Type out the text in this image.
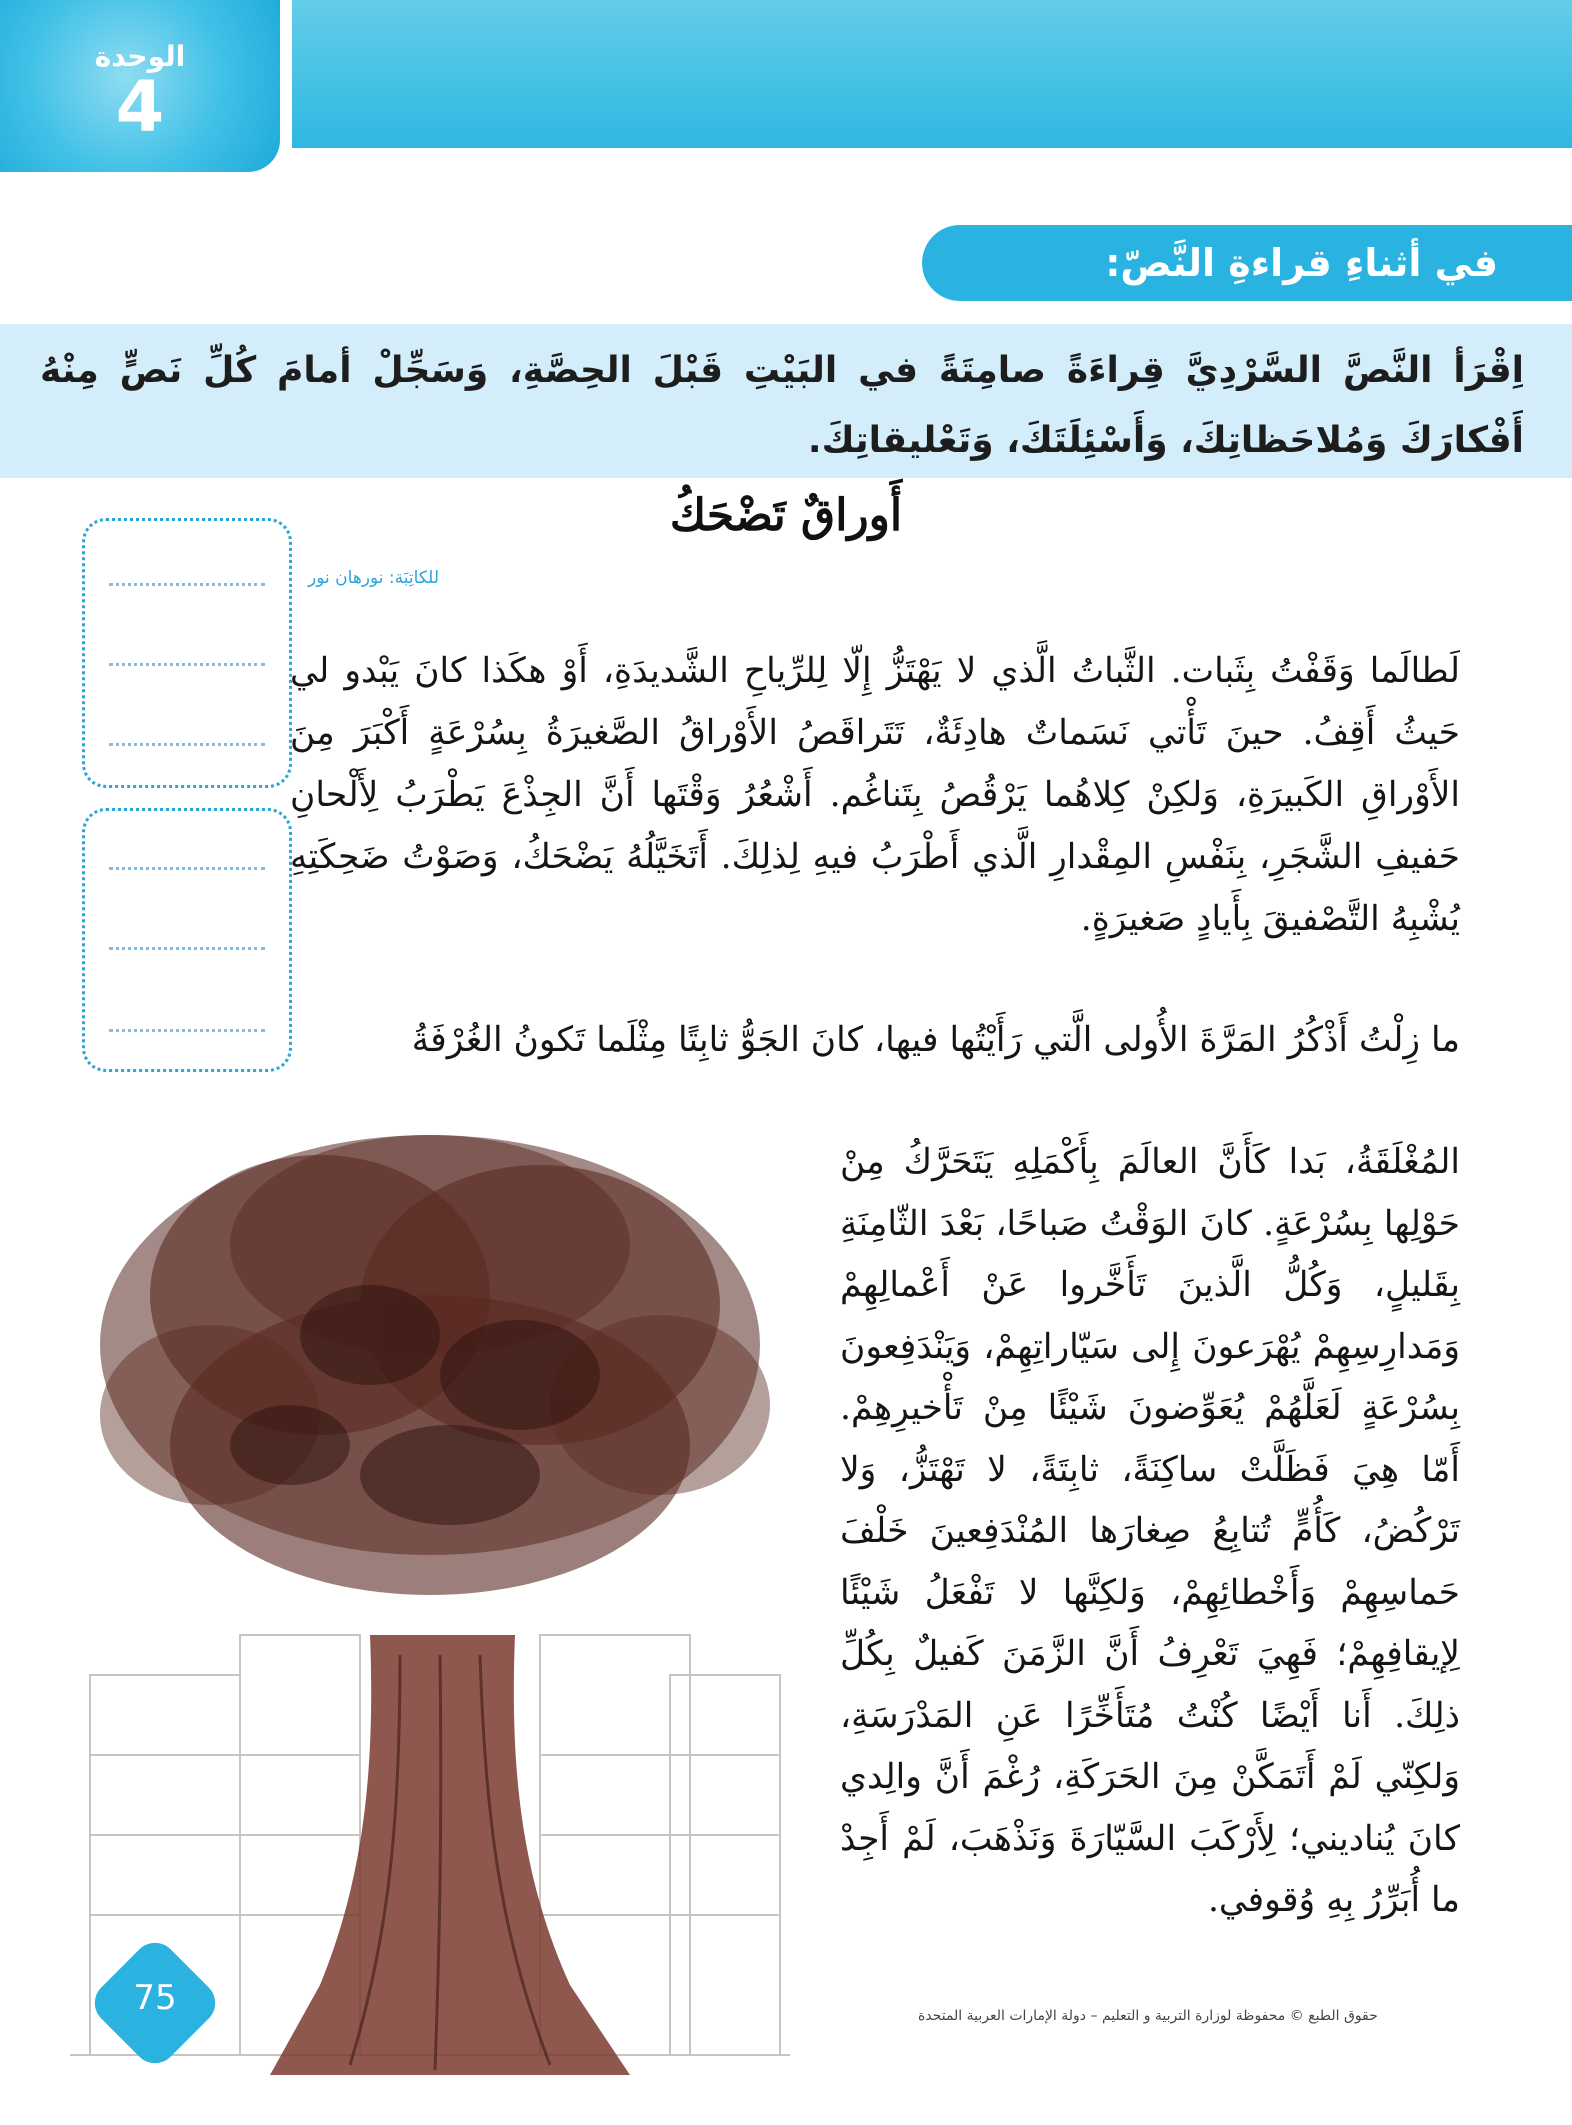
الوحدة
4
في أثناءِ قراءةِ النَّصّ:
اِقْرَأ النَّصَّ السَّرْدِيَّ قِراءَةً صامِتَةً في البَيْتِ قَبْلَ الحِصَّةِ، وَسَجِّلْ أمامَ كُلِّ نَصٍّ مِنْهُ أَفْكارَكَ وَمُلاحَظاتِكَ، وَأَسْئِلَتَكَ، وَتَعْليقاتِكَ.
أَوراقٌ تَضْحَكُ
للكاتِبَة: نورهان نور
لَطالَما وَقَفْتُ بِثَبات. الثَّباتُ الَّذي لا يَهْتَزُّ إِلّا لِلرِّياحِ الشَّديدَةِ، أَوْ هكَذا كانَ يَبْدو لي حَيثُ أَقِفُ. حينَ تَأْتي نَسَماتٌ هادِئَةٌ، تَتَراقَصُ الأَوْراقُ الصَّغيرَةُ بِسُرْعَةٍ أَكْبَرَ مِنَ الأَوْراقِ الكَبيرَةِ، وَلكِنْ كِلاهُما يَرْقُصُ بِتَناغُم. أَشْعُرُ وَقْتَها أَنَّ الجِذْعَ يَطْرَبُ لِأَلْحانِ حَفيفِ الشَّجَرِ، بِنَفْسِ المِقْدارِ الَّذي أَطْرَبُ فيهِ لِذلِكَ. أَتَخَيَّلُهُ يَضْحَكُ، وَصَوْتُ ضَحِكَتِهِ يُشْبِهُ التَّصْفيقَ بِأَيادٍ صَغيرَةٍ.
ما زِلْتُ أَذْكُرُ المَرَّةَ الأُولى الَّتي رَأَيْتُها فيها، كانَ الجَوُّ ثابِتًا مِثْلَما تَكونُ الغُرْفَةُ
المُغْلَقَةُ، بَدا كَأَنَّ العالَمَ بِأَكْمَلِهِ يَتَحَرَّكُ مِنْ حَوْلِها بِسُرْعَةٍ. كانَ الوَقْتُ صَباحًا، بَعْدَ الثّامِنَةِ بِقَليلٍ، وَكُلُّ الَّذينَ تَأَخَّروا عَنْ أَعْمالِهِمْ وَمَدارِسِهِمْ يُهْرَعونَ إِلى سَيّاراتِهِمْ، وَيَنْدَفِعونَ بِسُرْعَةٍ لَعَلَّهُمْ يُعَوِّضونَ شَيْئًا مِنْ تَأْخيرِهِمْ. أَمّا هِيَ فَظَلَّتْ ساكِنَةً، ثابِتَةً، لا تَهْتَزُّ، وَلا تَرْكُضُ، كَأُمٍّ تُتابِعُ صِغارَها المُنْدَفِعينَ خَلْفَ حَماسِهِمْ وَأَخْطائِهِمْ، وَلكِنَّها لا تَفْعَلُ شَيْئًا لِإيقافِهِمْ؛ فَهِيَ تَعْرِفُ أَنَّ الزَّمَنَ كَفيلٌ بِكُلِّ ذلِكَ. أَنا أَيْضًا كُنْتُ مُتَأَخِّرًا عَنِ المَدْرَسَةِ، وَلكِنّي لَمْ أَتَمَكَّنْ مِنَ الحَرَكَةِ، رُغْمَ أَنَّ والِدي كانَ يُناديني؛ لِأَرْكَبَ السَّيّارَةَ وَنَذْهَبَ، لَمْ أَجِدْ ما أُبَرِّرُ بِهِ وُقوفي.
75	حقوق الطبع © محفوظة لوزارة التربية و التعليم – دولة الإمارات العربية المتحدة
